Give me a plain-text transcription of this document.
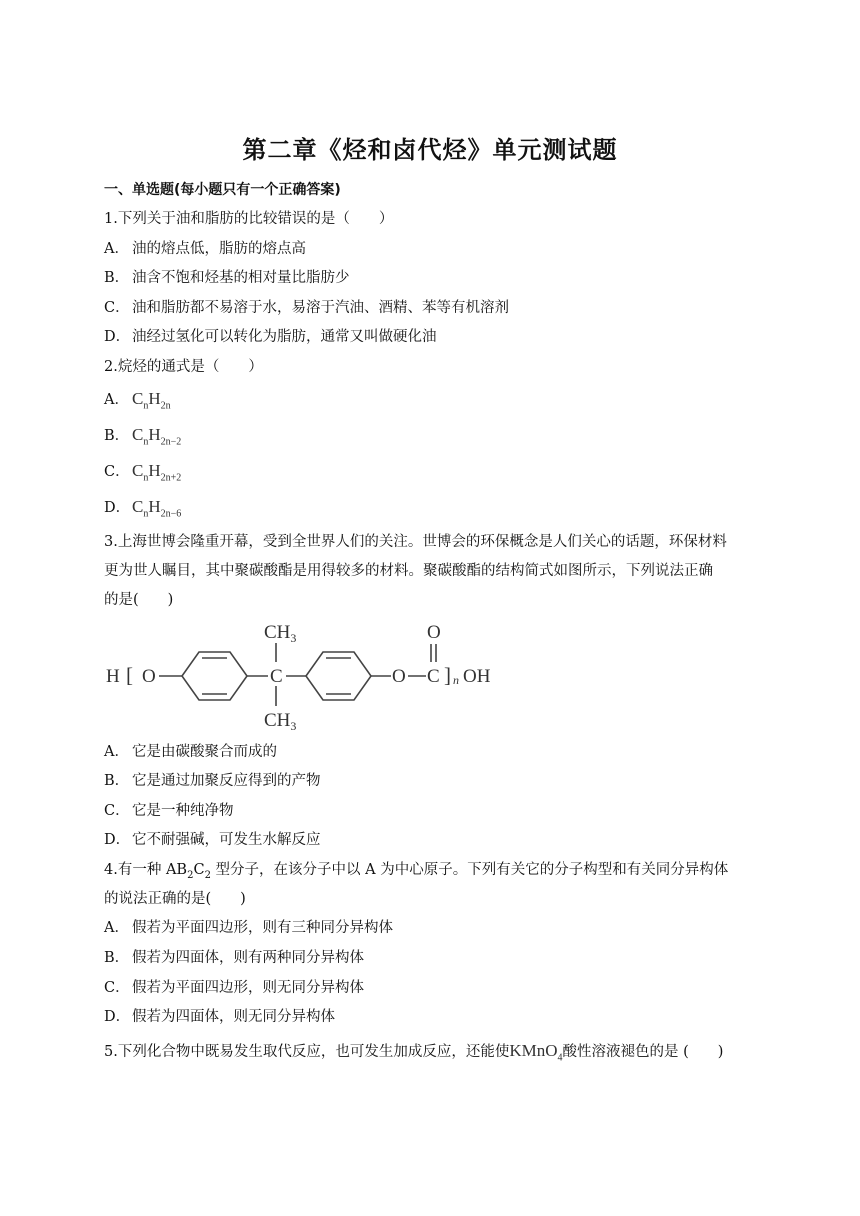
第二章《烃和卤代烃》单元测试题
一、单选题(每小题只有一个正确答案)
1.下列关于油和脂肪的比较错误的是（　　）
A． 油的熔点低，脂肪的熔点高
B． 油含不饱和烃基的相对量比脂肪少
C． 油和脂肪都不易溶于水，易溶于汽油、酒精、苯等有机溶剂
D． 油经过氢化可以转化为脂肪，通常又叫做硬化油
2.烷烃的通式是（　　）
A． $C_nH_{2n}$
B． $C_nH_{2n-2}$
C． $C_nH_{2n+2}$
D． $C_nH_{2n-6}$
3.上海世博会隆重开幕，受到全世界人们的关注。世博会的环保概念是人们关心的话题，环保材料
更为世人瞩目，其中聚碳酸酯是用得较多的材料。聚碳酸酯的结构简式如图所示，下列说法正确
的是(　　)
H [ O	C
$CH_3$
$CH_3$
O C
O
] n OH
A． 它是由碳酸聚合而成的
B． 它是通过加聚反应得到的产物
C． 它是一种纯净物
D． 它不耐强碱，可发生水解反应
4.有一种 $AB_2C_2$ 型分子，在该分子中以 A 为中心原子。下列有关它的分子构型和有关同分异构体
的说法正确的是(　　)
A． 假若为平面四边形，则有三种同分异构体
B． 假若为四面体，则有两种同分异构体
C． 假若为平面四边形，则无同分异构体
D． 假若为四面体，则无同分异构体
5.下列化合物中既易发生取代反应，也可发生加成反应，还能使KMnO$_4$酸性溶液褪色的是 (　　)
